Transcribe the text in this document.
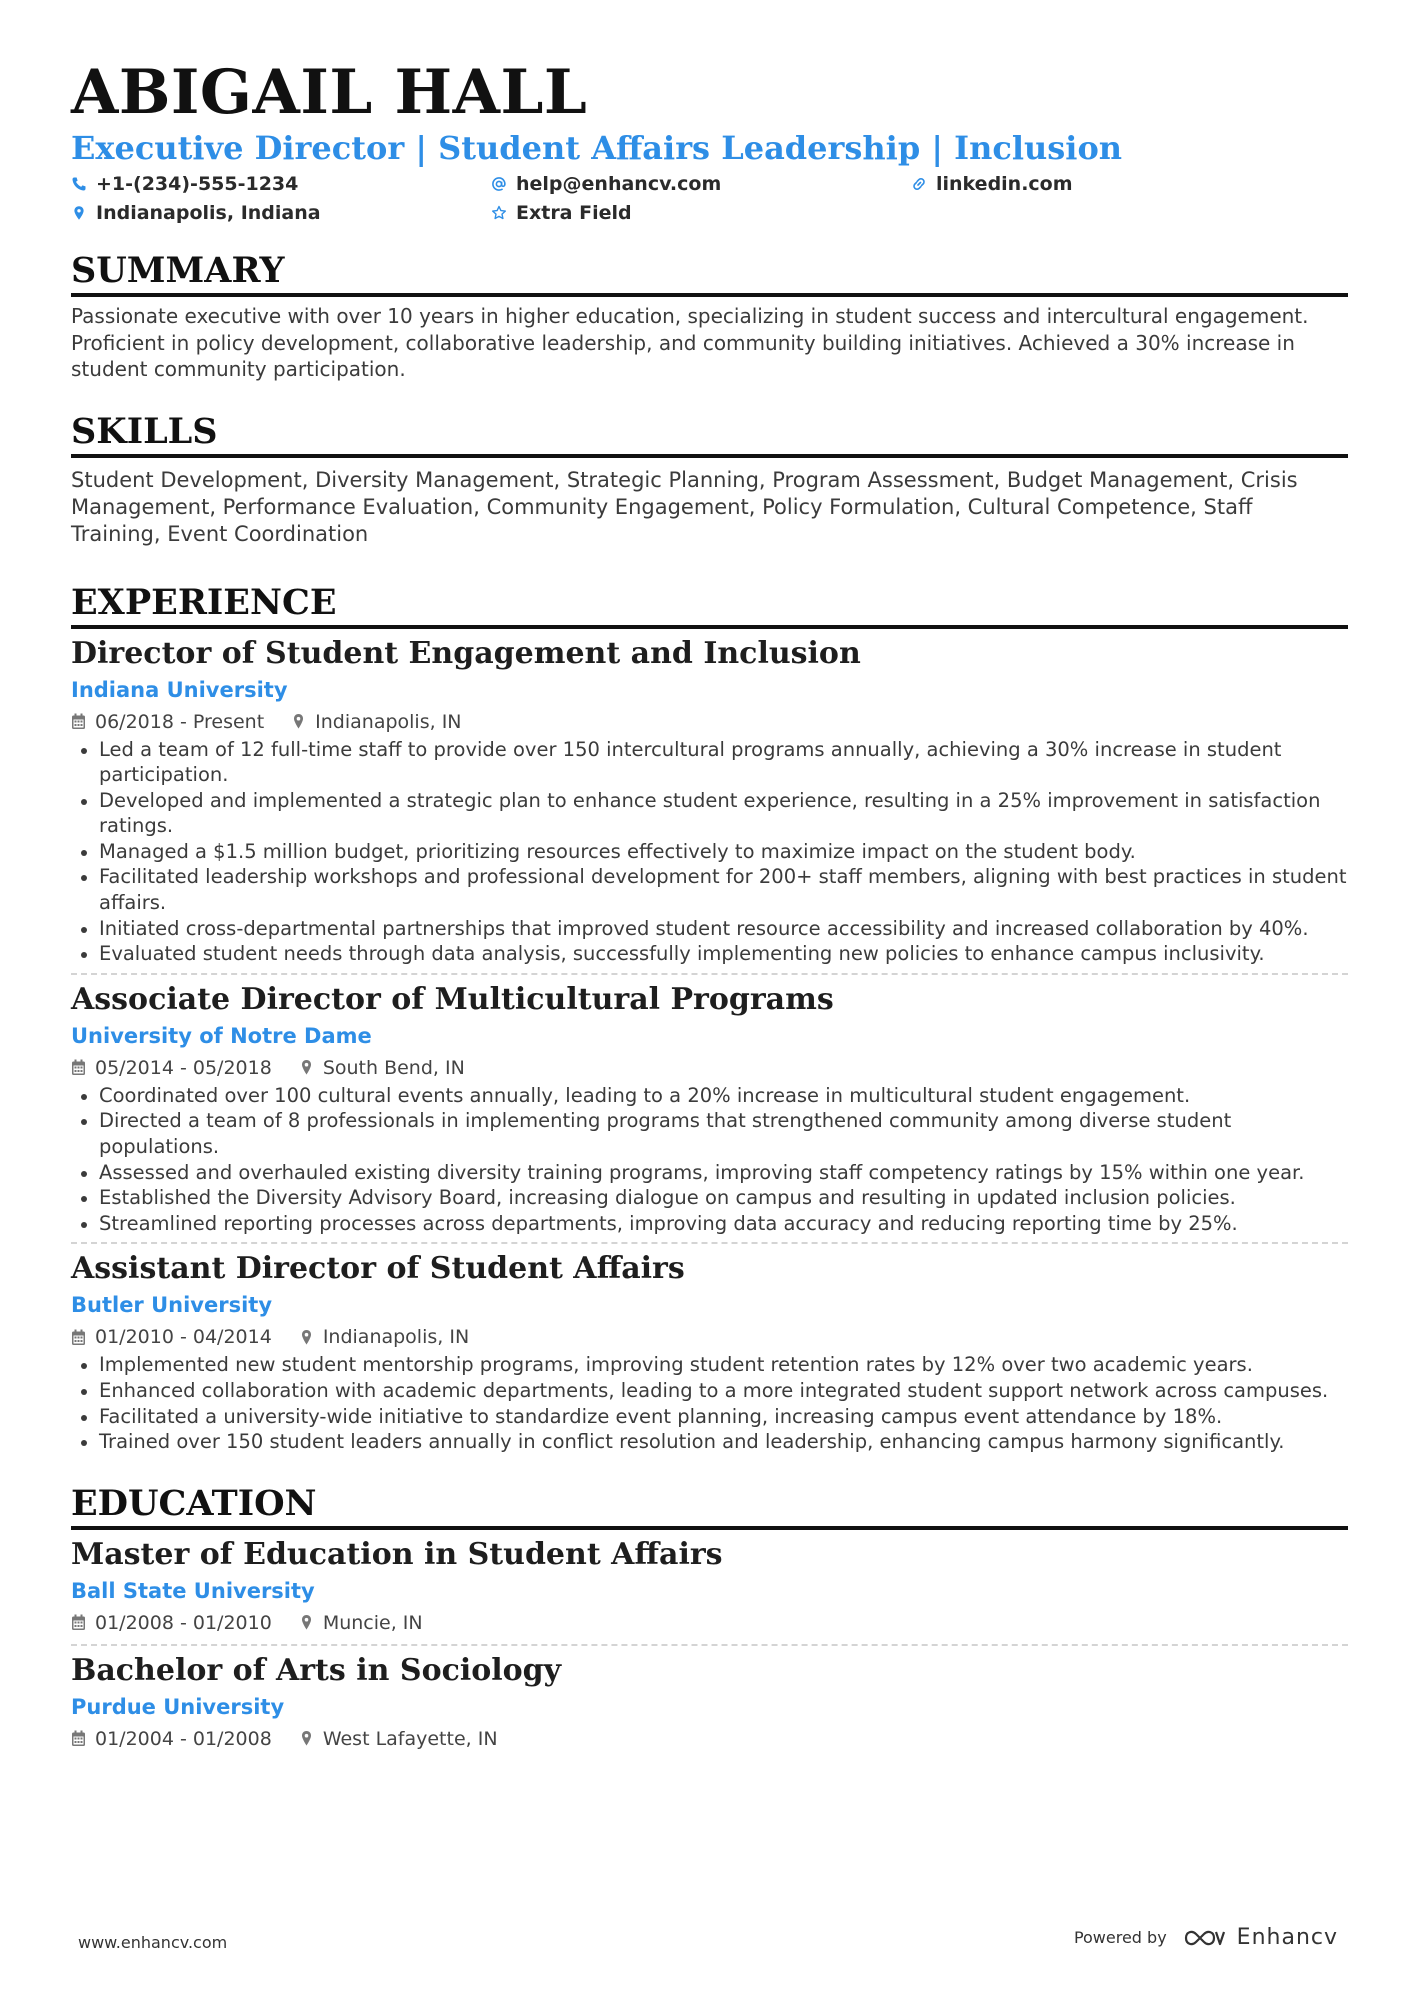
ABIGAIL HALL
Executive Director | Student Affairs Leadership | Inclusion
+1-(234)-555-1234	help@enhancv.com	linkedin.com
Indianapolis, Indiana	Extra Field
SUMMARY

Passionate executive with over 10 years in higher education, specializing in student success and intercultural engagement. Proficient in policy development, collaborative leadership, and community building initiatives. Achieved a 30% increase in student community participation.

SKILLS

Student Development, Diversity Management, Strategic Planning, Program Assessment, Budget Management, Crisis Management, Performance Evaluation, Community Engagement, Policy Formulation, Cultural Competence, Staff Training, Event Coordination

EXPERIENCE
Director of Student Engagement and Inclusion
Indiana University
06/2018 - Present	Indianapolis, IN
Led a team of 12 full-time staff to provide over 150 intercultural programs annually, achieving a 30% increase in student participation.
Developed and implemented a strategic plan to enhance student experience, resulting in a 25% improvement in satisfaction ratings.
Managed a $1.5 million budget, prioritizing resources effectively to maximize impact on the student body.
Facilitated leadership workshops and professional development for 200+ staff members, aligning with best practices in student affairs.
Initiated cross-departmental partnerships that improved student resource accessibility and increased collaboration by 40%.
Evaluated student needs through data analysis, successfully implementing new policies to enhance campus inclusivity.
Associate Director of Multicultural Programs
University of Notre Dame
05/2014 - 05/2018	South Bend, IN
Coordinated over 100 cultural events annually, leading to a 20% increase in multicultural student engagement.
Directed a team of 8 professionals in implementing programs that strengthened community among diverse student populations.
Assessed and overhauled existing diversity training programs, improving staff competency ratings by 15% within one year.
Established the Diversity Advisory Board, increasing dialogue on campus and resulting in updated inclusion policies.
Streamlined reporting processes across departments, improving data accuracy and reducing reporting time by 25%.
Assistant Director of Student Affairs
Butler University
01/2010 - 04/2014	Indianapolis, IN
Implemented new student mentorship programs, improving student retention rates by 12% over two academic years.
Enhanced collaboration with academic departments, leading to a more integrated student support network across campuses.
Facilitated a university-wide initiative to standardize event planning, increasing campus event attendance by 18%.
Trained over 150 student leaders annually in conflict resolution and leadership, enhancing campus harmony significantly.
EDUCATION
Master of Education in Student Affairs
Ball State University
01/2008 - 01/2010	Muncie, IN
Bachelor of Arts in Sociology
Purdue University
01/2004 - 01/2008	West Lafayette, IN
www.enhancv.com	Powered by	Enhancv
